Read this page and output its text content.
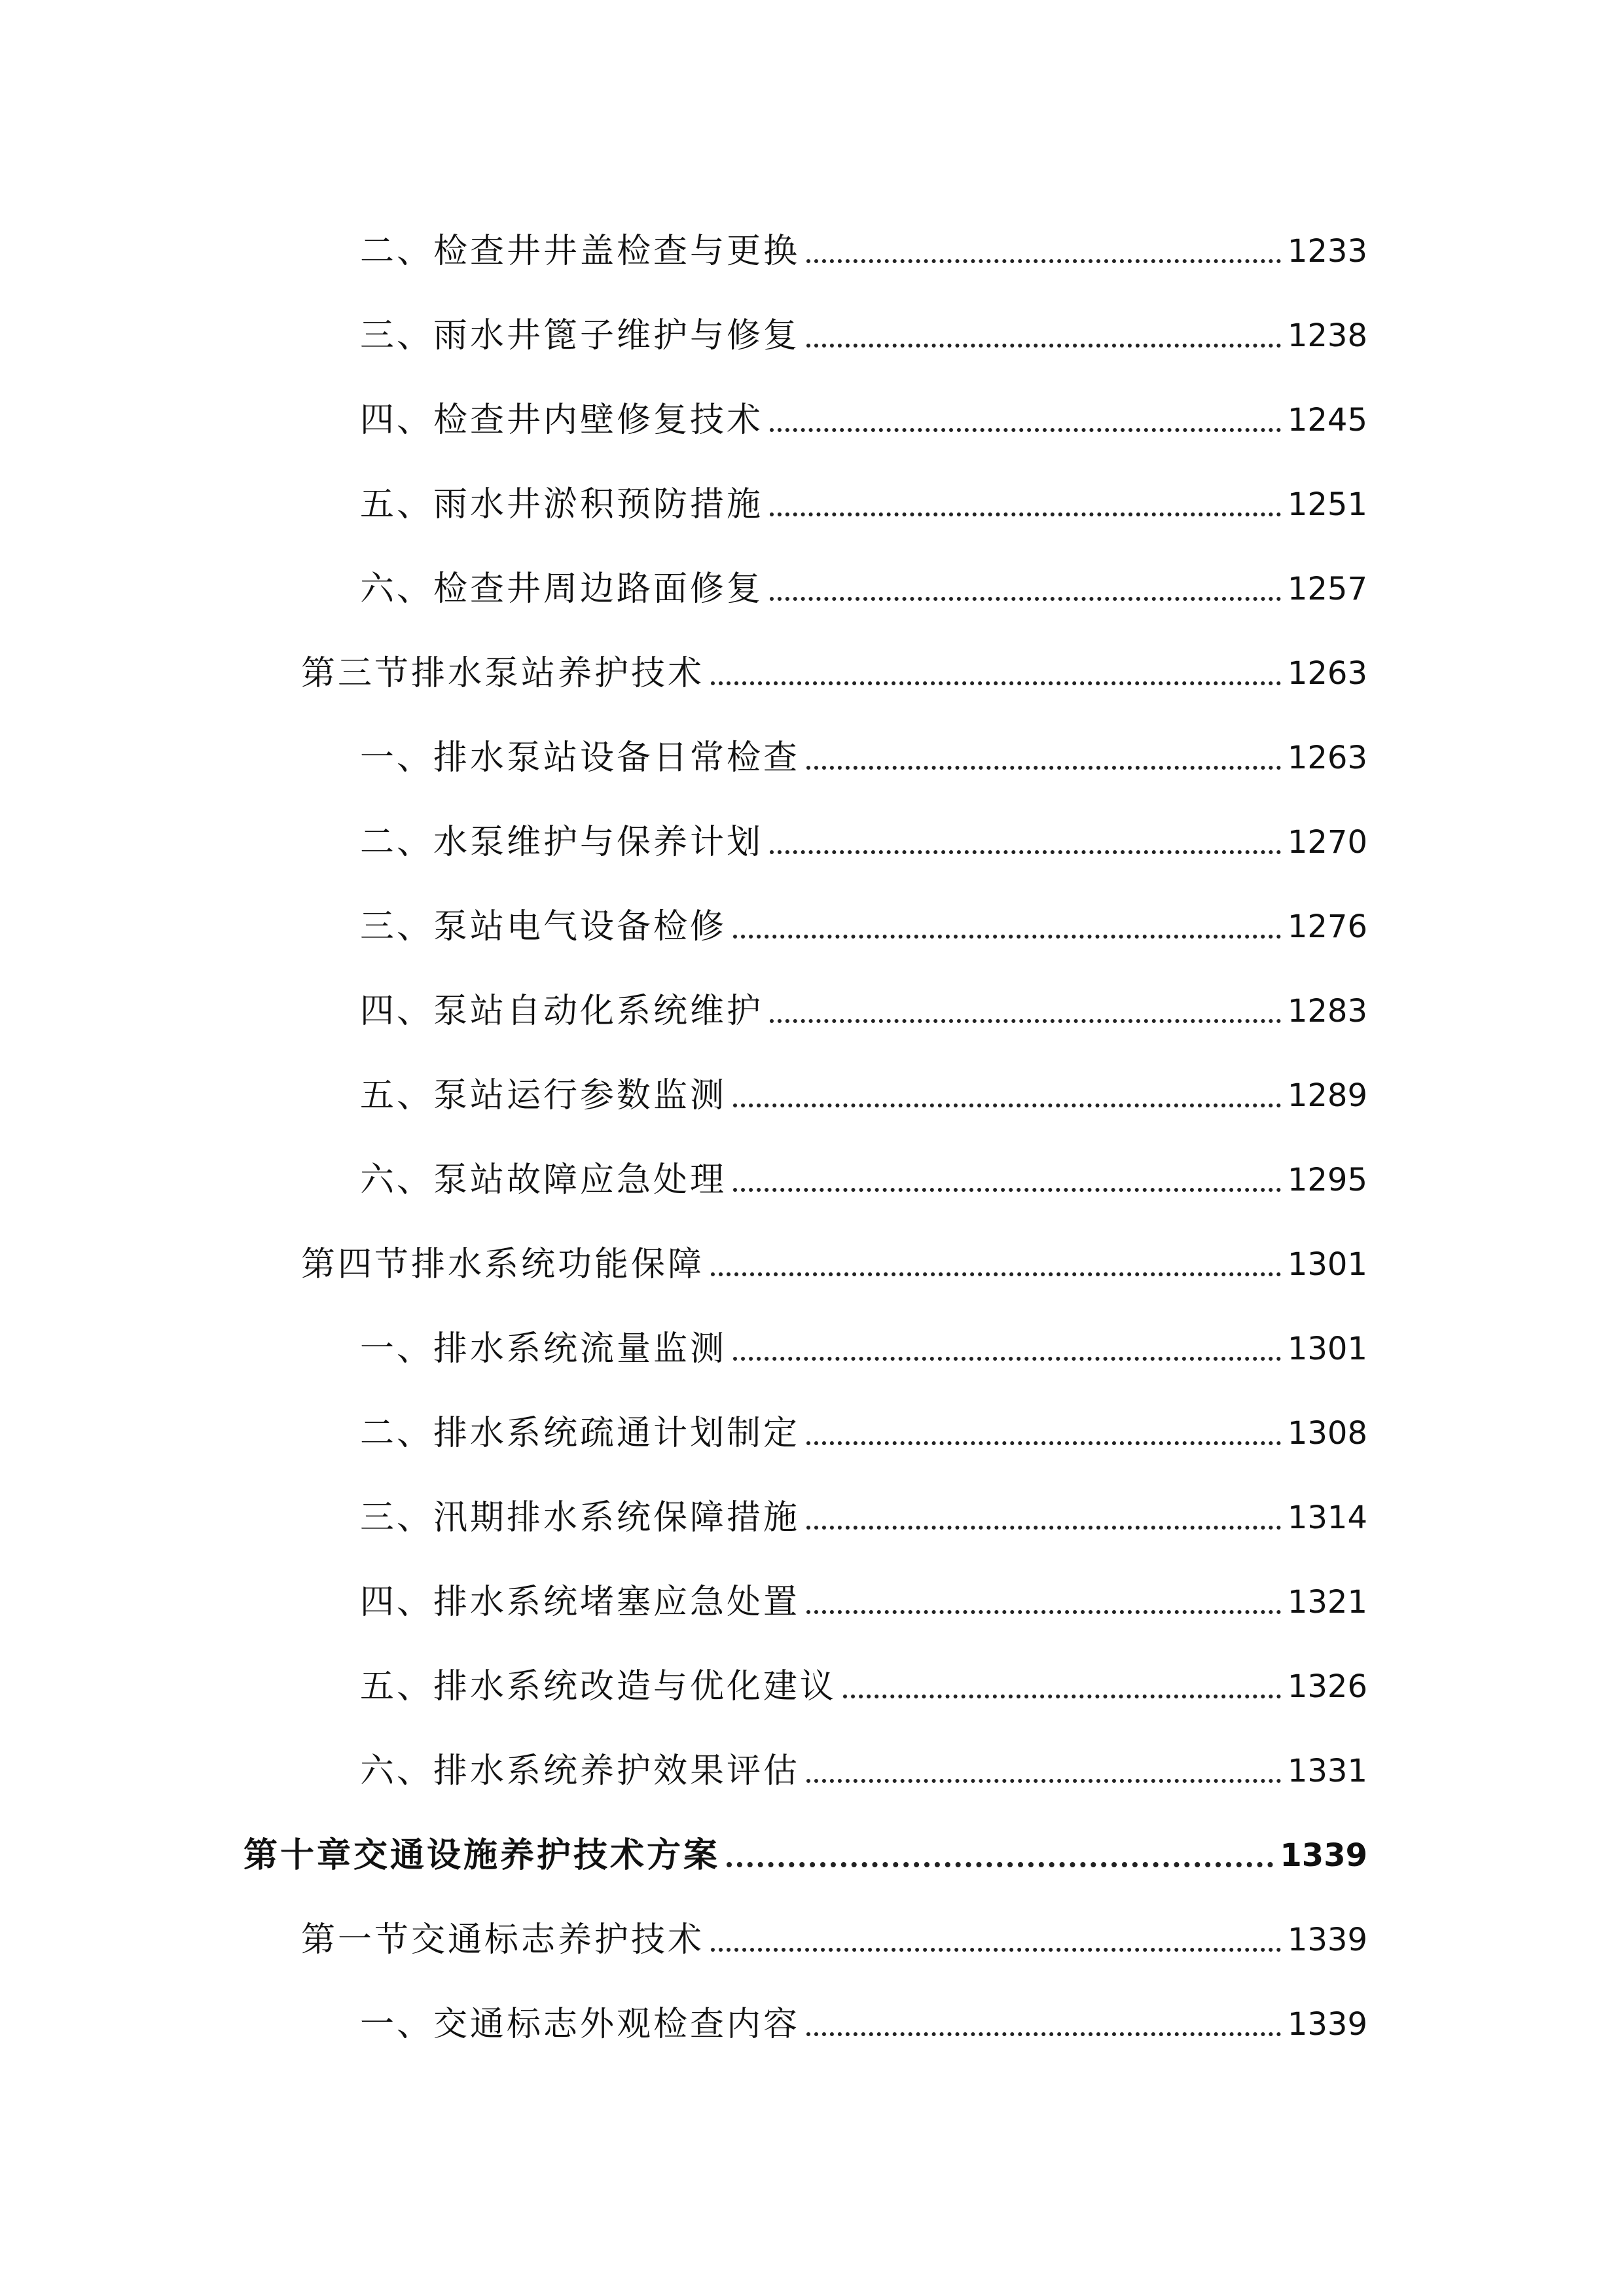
二、检查井井盖检查与更换	1233
三、雨水井篦子维护与修复	1238
四、检查井内壁修复技术	1245
五、雨水井淤积预防措施	1251
六、检查井周边路面修复	1257
第三节排水泵站养护技术	1263
一、排水泵站设备日常检查	1263
二、水泵维护与保养计划	1270
三、泵站电气设备检修	1276
四、泵站自动化系统维护	1283
五、泵站运行参数监测	1289
六、泵站故障应急处理	1295
第四节排水系统功能保障	1301
一、排水系统流量监测	1301
二、排水系统疏通计划制定	1308
三、汛期排水系统保障措施	1314
四、排水系统堵塞应急处置	1321
五、排水系统改造与优化建议	1326
六、排水系统养护效果评估	1331
第十章交通设施养护技术方案	1339
第一节交通标志养护技术	1339
一、交通标志外观检查内容	1339
